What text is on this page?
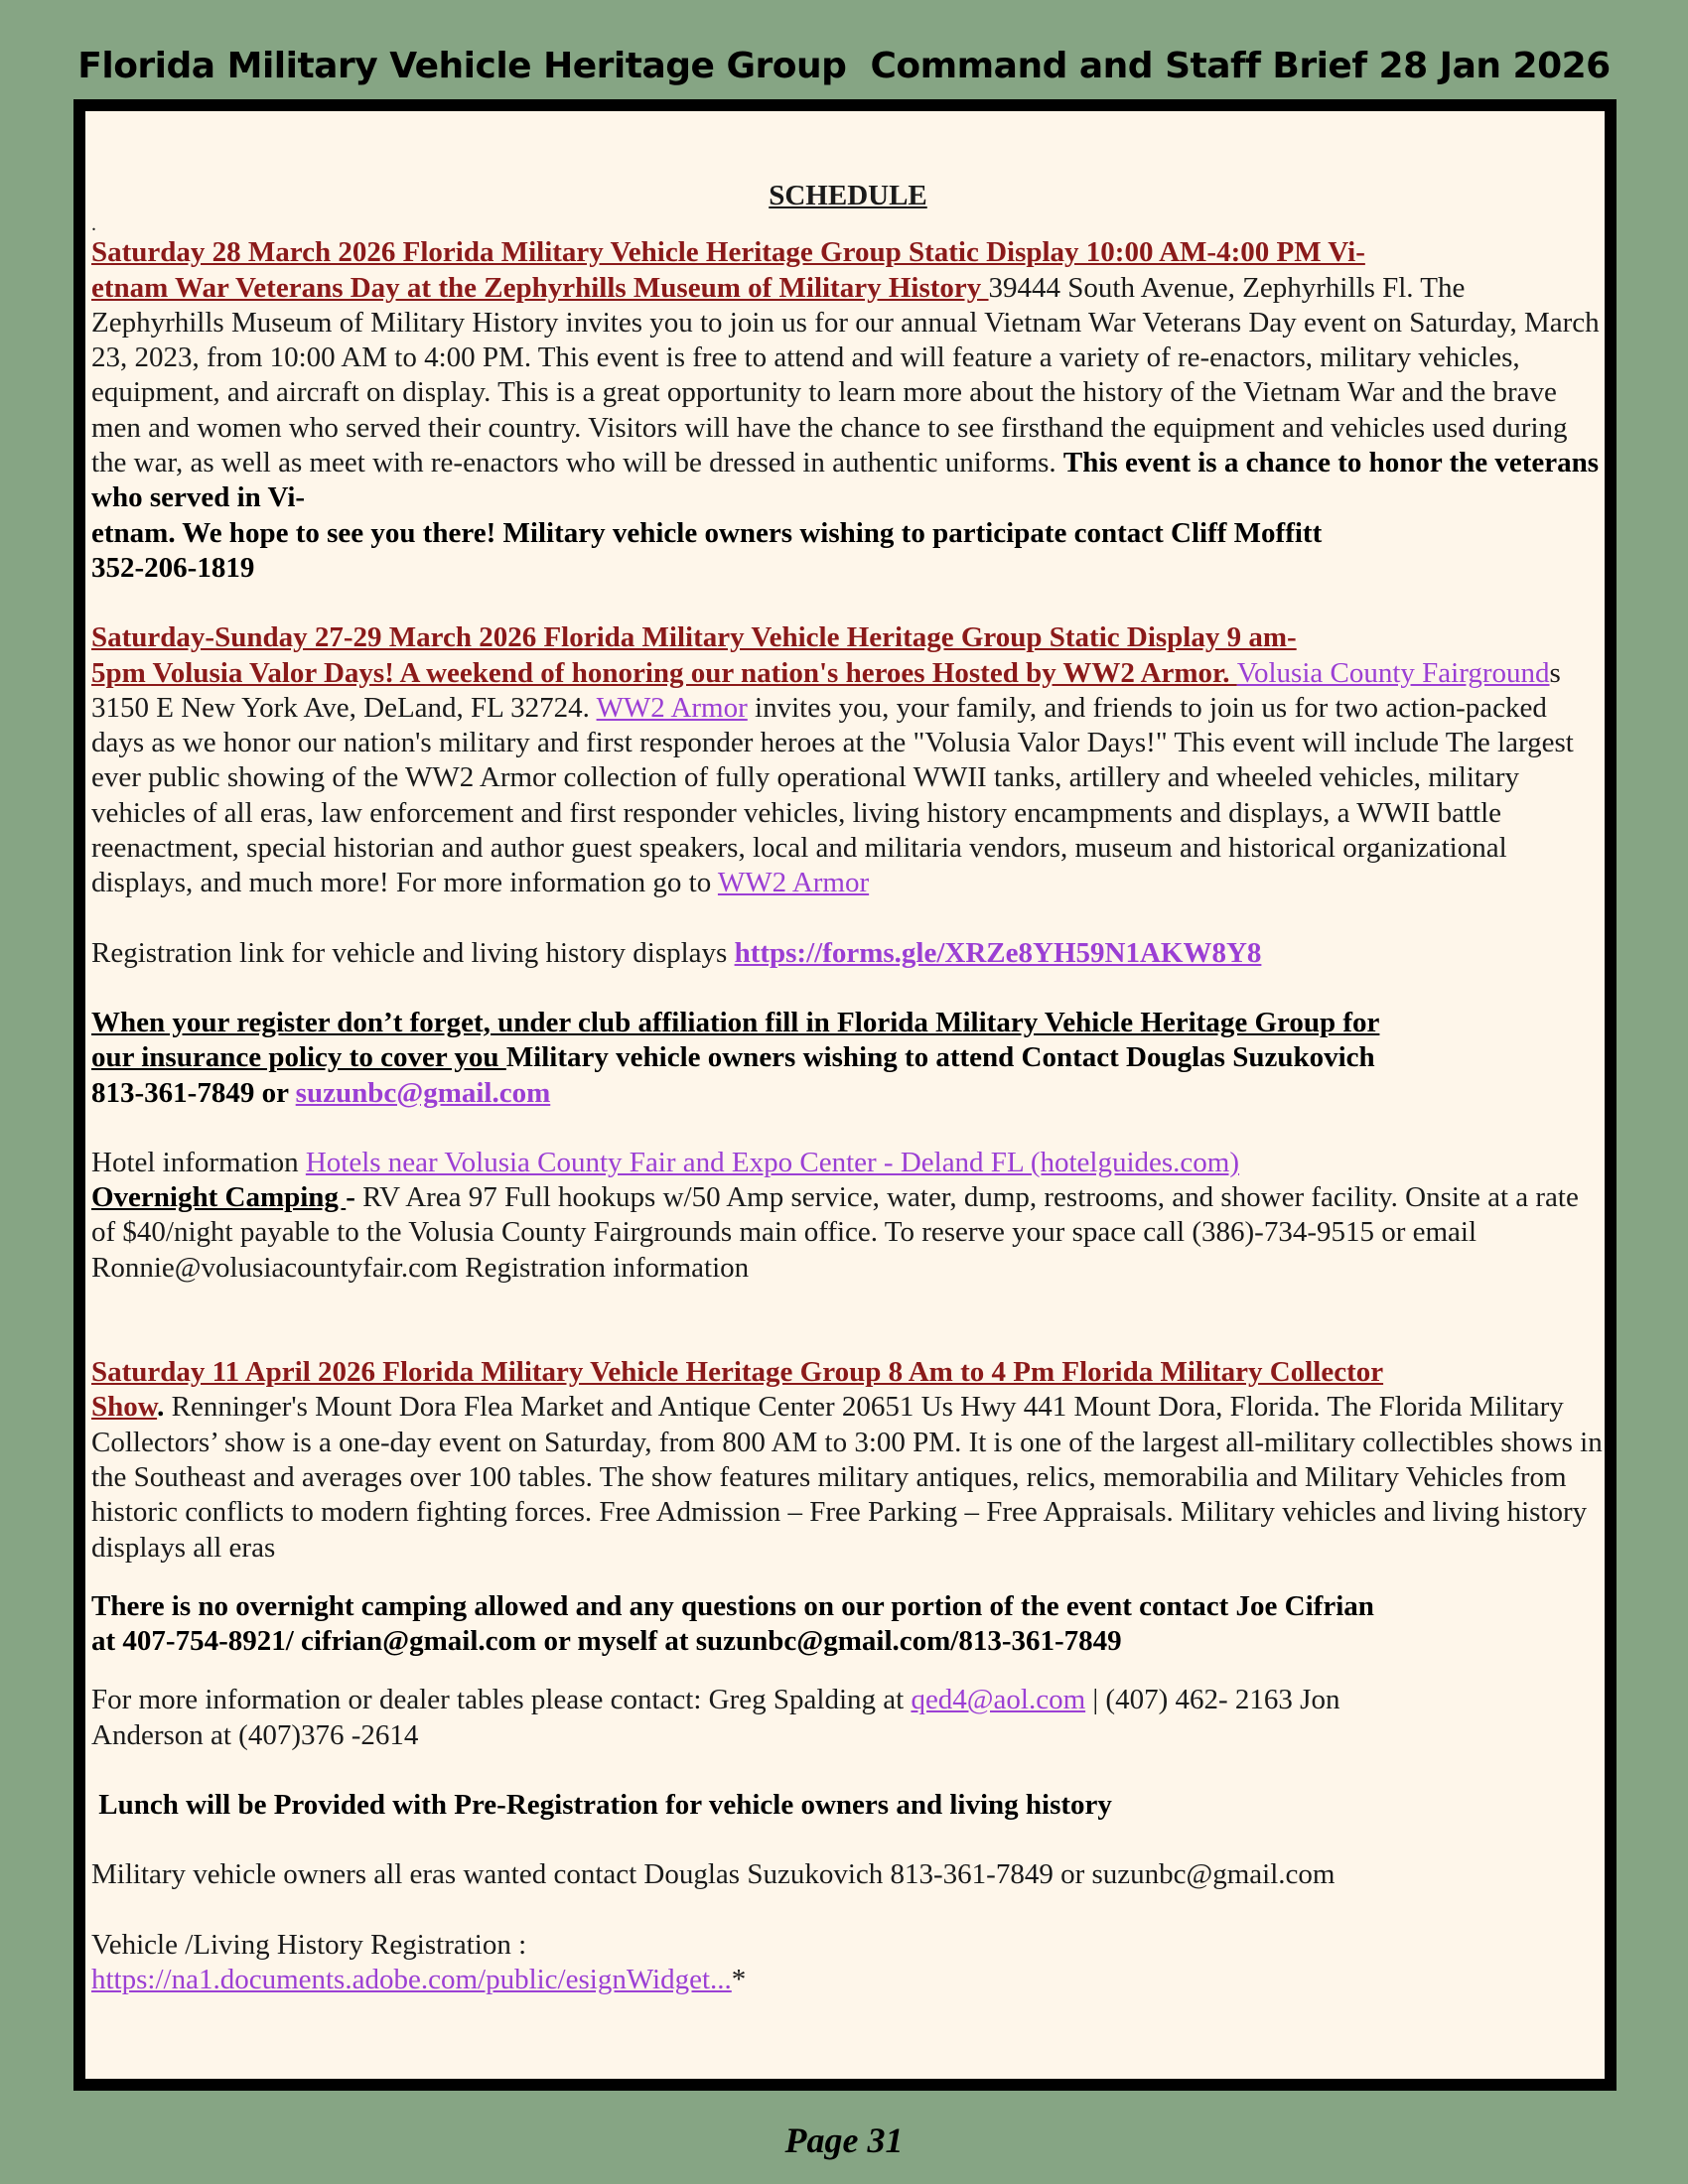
Florida Military Vehicle Heritage Group  Command and Staff Brief 28 Jan 2026

SCHEDULE

.

Saturday 28 March 2026 Florida Military Vehicle Heritage Group Static Display 10:00 AM-4:00 PM Vi-
etnam War Veterans Day at the Zephyrhills Museum of Military History 39444 South Avenue, Zephyrhills Fl. The Zephyrhills Museum of Military History invites you to join us for our annual Vietnam War Veterans Day event on Saturday, March 23, 2023, from 10:00 AM to 4:00 PM. This event is free to attend and will feature a variety of re-enactors, military vehicles, equipment, and aircraft on display. This is a great opportunity to learn more about the history of the Vietnam War and the brave men and women who served their country. Visitors will have the chance to see firsthand the equipment and vehicles used during the war, as well as meet with re-enactors who will be dressed in authentic uniforms. This event is a chance to honor the veterans who served in Vi-
etnam. We hope to see you there! Military vehicle owners wishing to participate contact Cliff Moffitt
352-206-1819

Saturday-Sunday 27-29 March 2026 Florida Military Vehicle Heritage Group Static Display 9 am-
5pm Volusia Valor Days! A weekend of honoring our nation's heroes Hosted by WW2 Armor. Volusia County Fairgrounds 3150 E New York Ave, DeLand, FL 32724. WW2 Armor invites you, your family, and friends to join us for two action-packed days as we honor our nation's military and first responder heroes at the "Volusia Valor Days!" This event will include The largest ever public showing of the WW2 Armor collection of fully operational WWII tanks, artillery and wheeled vehicles, military vehicles of all eras, law enforcement and first responder vehicles, living history encampments and displays, a WWII battle reenactment, special historian and author guest speakers, local and militaria vendors, museum and historical organizational displays, and much more! For more information go to WW2 Armor

Registration link for vehicle and living history displays https://forms.gle/XRZe8YH59N1AKW8Y8

When your register don’t forget, under club affiliation fill in Florida Military Vehicle Heritage Group for
our insurance policy to cover you Military vehicle owners wishing to attend Contact Douglas Suzukovich
813-361-7849 or suzunbc@gmail.com

Hotel information Hotels near Volusia County Fair and Expo Center - Deland FL (hotelguides.com)

Overnight Camping - RV Area 97 Full hookups w/50 Amp service, water, dump, restrooms, and shower facility. Onsite at a rate of $40/night payable to the Volusia County Fairgrounds main office. To reserve your space call (386)-734-9515 or email Ronnie@volusiacountyfair.com Registration information

Saturday 11 April 2026 Florida Military Vehicle Heritage Group 8 Am to 4 Pm Florida Military Collector
Show. Renninger's Mount Dora Flea Market and Antique Center 20651 Us Hwy 441 Mount Dora, Florida. The Florida Military Collectors’ show is a one-day event on Saturday, from 800 AM to 3:00 PM. It is one of the largest all-military collectibles shows in the Southeast and averages over 100 tables. The show features military antiques, relics, memorabilia and Military Vehicles from historic conflicts to modern fighting forces. Free Admission – Free Parking – Free Appraisals. Military vehicles and living history displays all eras

There is no overnight camping allowed and any questions on our portion of the event contact Joe Cifrian
at 407-754-8921/ cifrian@gmail.com or myself at suzunbc@gmail.com/813-361-7849

For more information or dealer tables please contact: Greg Spalding at qed4@aol.com | (407) 462- 2163 Jon
Anderson at (407)376 -2614

Lunch will be Provided with Pre-Registration for vehicle owners and living history

Military vehicle owners all eras wanted contact Douglas Suzukovich 813-361-7849 or suzunbc@gmail.com

Vehicle /Living History Registration :
https://na1.documents.adobe.com/public/esignWidget...*

Page 31
